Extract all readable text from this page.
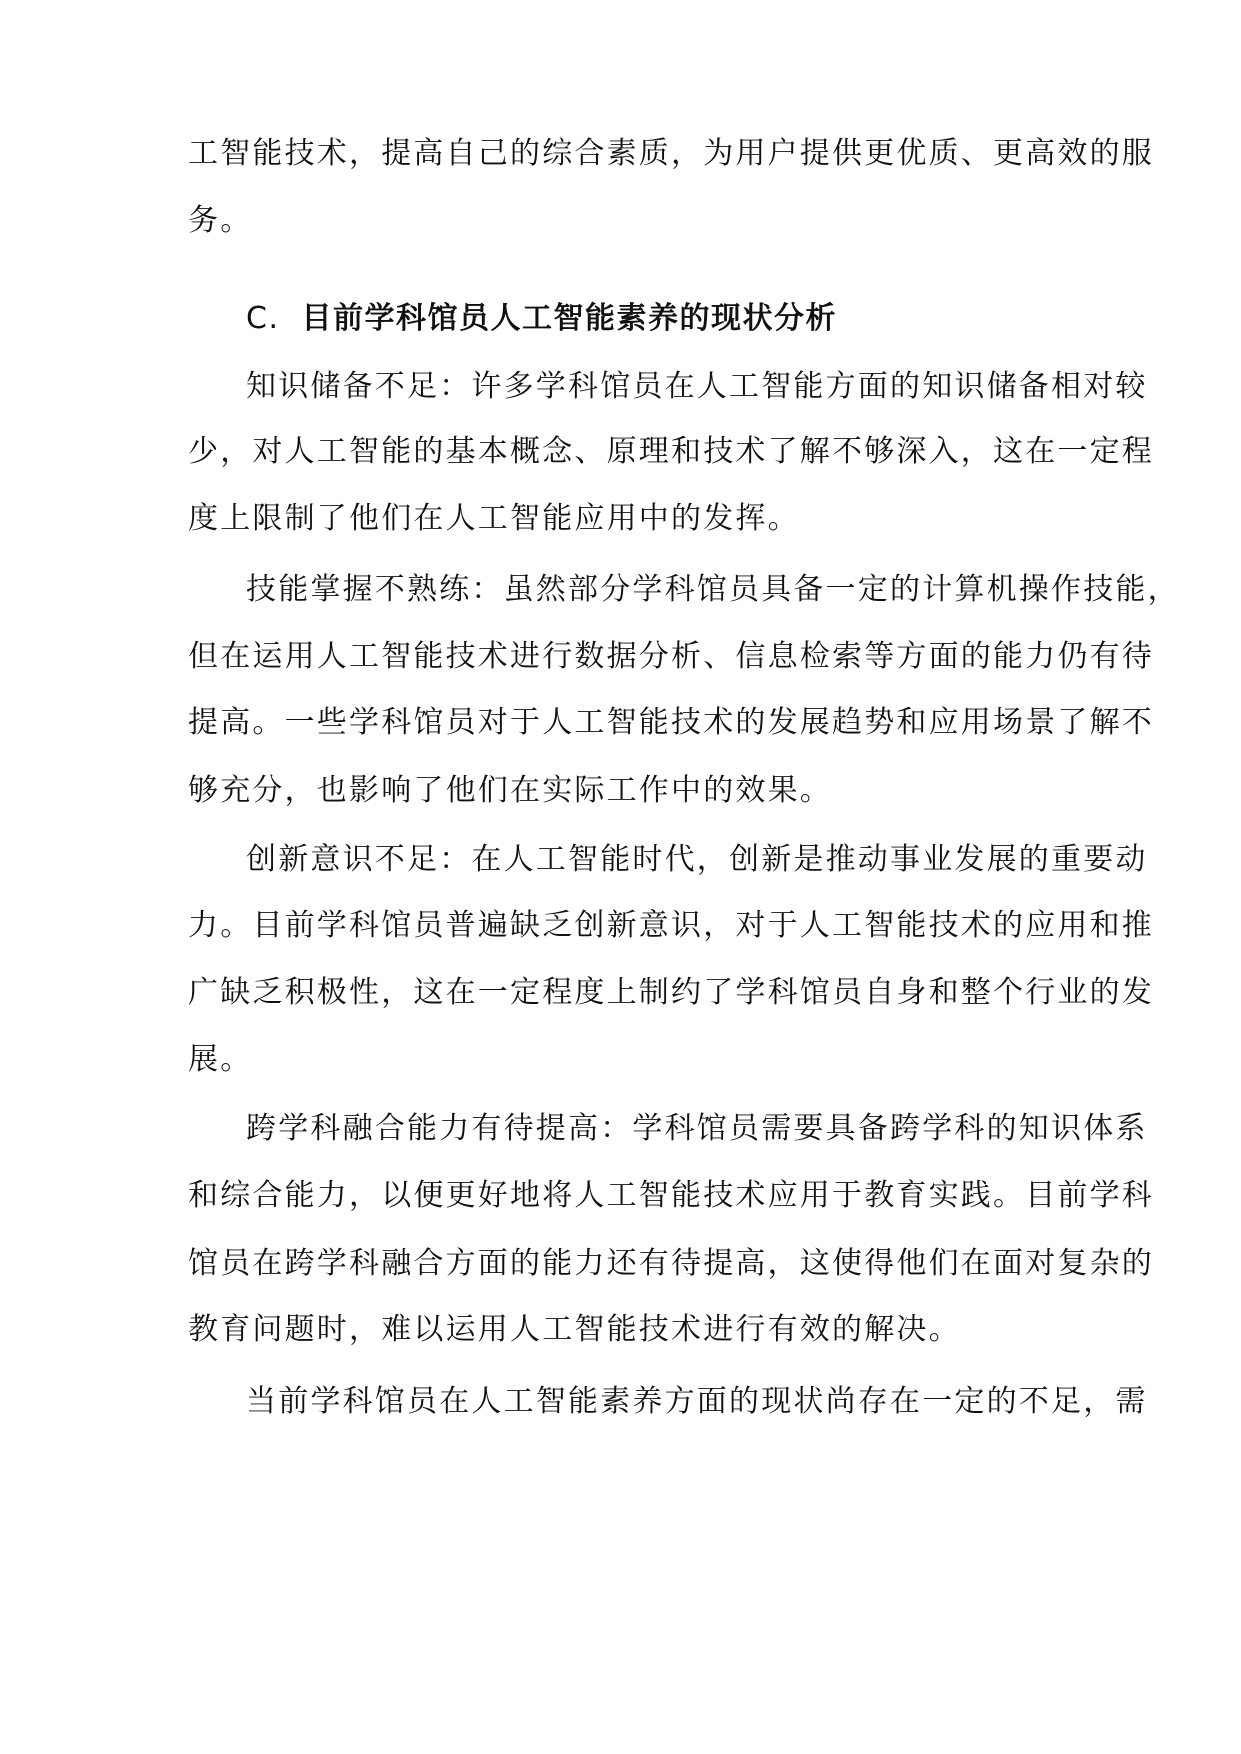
工智能技术，提高自己的综合素质，为用户提供更优质、更高效的服
务。
C. 目前学科馆员人工智能素养的现状分析
知识储备不足：许多学科馆员在人工智能方面的知识储备相对较
少，对人工智能的基本概念、原理和技术了解不够深入，这在一定程
度上限制了他们在人工智能应用中的发挥。
技能掌握不熟练：虽然部分学科馆员具备一定的计算机操作技能，
但在运用人工智能技术进行数据分析、信息检索等方面的能力仍有待
提高。一些学科馆员对于人工智能技术的发展趋势和应用场景了解不
够充分，也影响了他们在实际工作中的效果。
创新意识不足：在人工智能时代，创新是推动事业发展的重要动
力。目前学科馆员普遍缺乏创新意识，对于人工智能技术的应用和推
广缺乏积极性，这在一定程度上制约了学科馆员自身和整个行业的发
展。
跨学科融合能力有待提高：学科馆员需要具备跨学科的知识体系
和综合能力，以便更好地将人工智能技术应用于教育实践。目前学科
馆员在跨学科融合方面的能力还有待提高，这使得他们在面对复杂的
教育问题时，难以运用人工智能技术进行有效的解决。
当前学科馆员在人工智能素养方面的现状尚存在一定的不足，需
